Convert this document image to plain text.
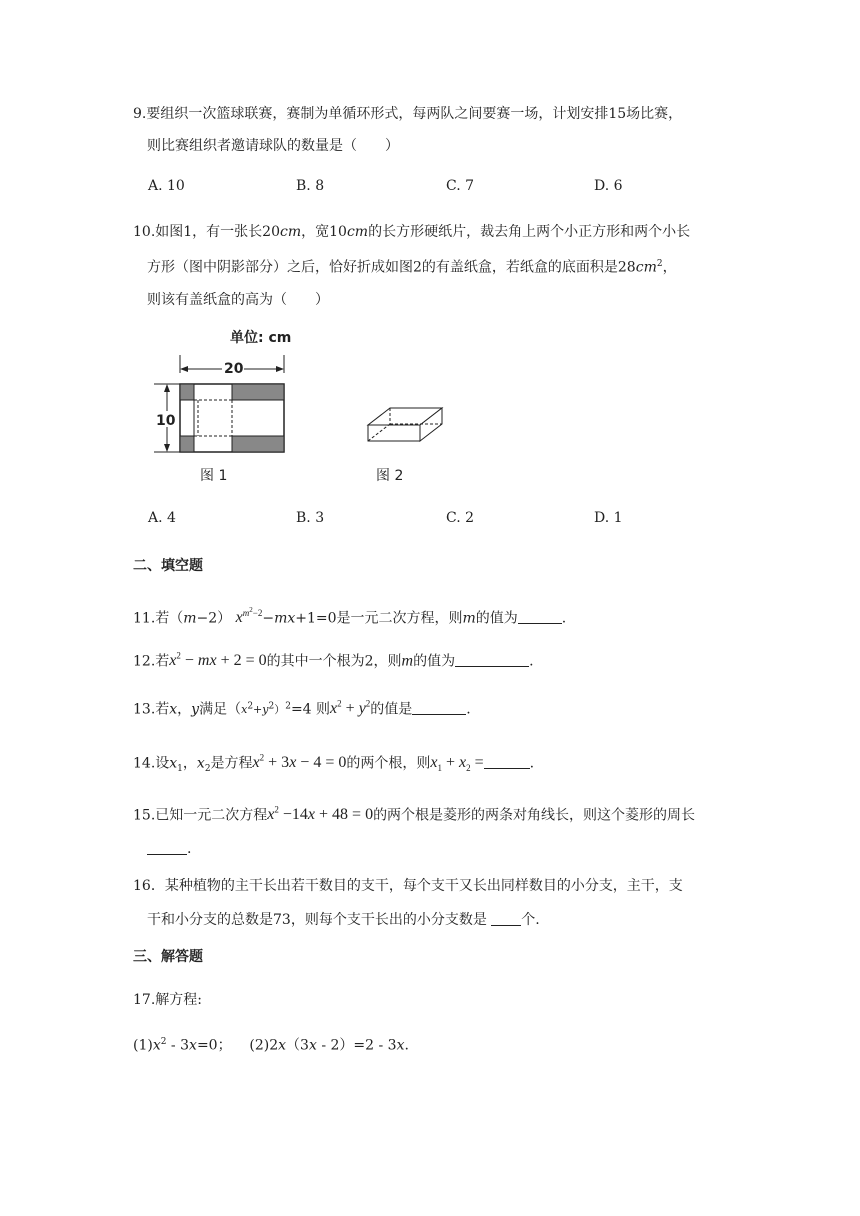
9.要组织一次篮球联赛，赛制为单循环形式，每两队之间要赛一场，计划安排15场比赛，
则比赛组织者邀请球队的数量是（　　）
A. 10	B. 8	C. 7	D. 6
10.如图1，有一张长20cm，宽10cm的长方形硬纸片，裁去角上两个小正方形和两个小长
方形（图中阴影部分）之后，恰好折成如图2的有盖纸盒，若纸盒的底面积是$28cm^2$，
则该有盖纸盒的高为（　　）
单位: cm
20
10
图 1	图 2
A. 4	B. 3	C. 2	D. 1
二、填空题
11.若（m−2） $x^{m^2-2}-mx+1=0$是一元二次方程，则m的值为	.
12.若$x^2$ − mx + 2 = 0的其中一个根为2，则m的值为	.
13.若x，y满足$(x^2+y^2)^2=4$ 则$x^2 + y^2$的值是	.
14.设$x_1$，$x_2$是方程$x^2 + 3x - 4 = 0$的两个根，则$x_1 + x_2$ =	.
15.已知一元二次方程$x^2 -14x + 48 = 0$的两个根是菱形的两条对角线长，则这个菱形的周长
.
16．某种植物的主干长出若干数目的支干，每个支干又长出同样数目的小分支，主干，支
干和小分支的总数是73，则每个支干长出的小分支数是 个.
三、解答题
17.解方程:
$(1)x^2 - 3x=0$； (2)2x（3x - 2）=2 - 3x.
